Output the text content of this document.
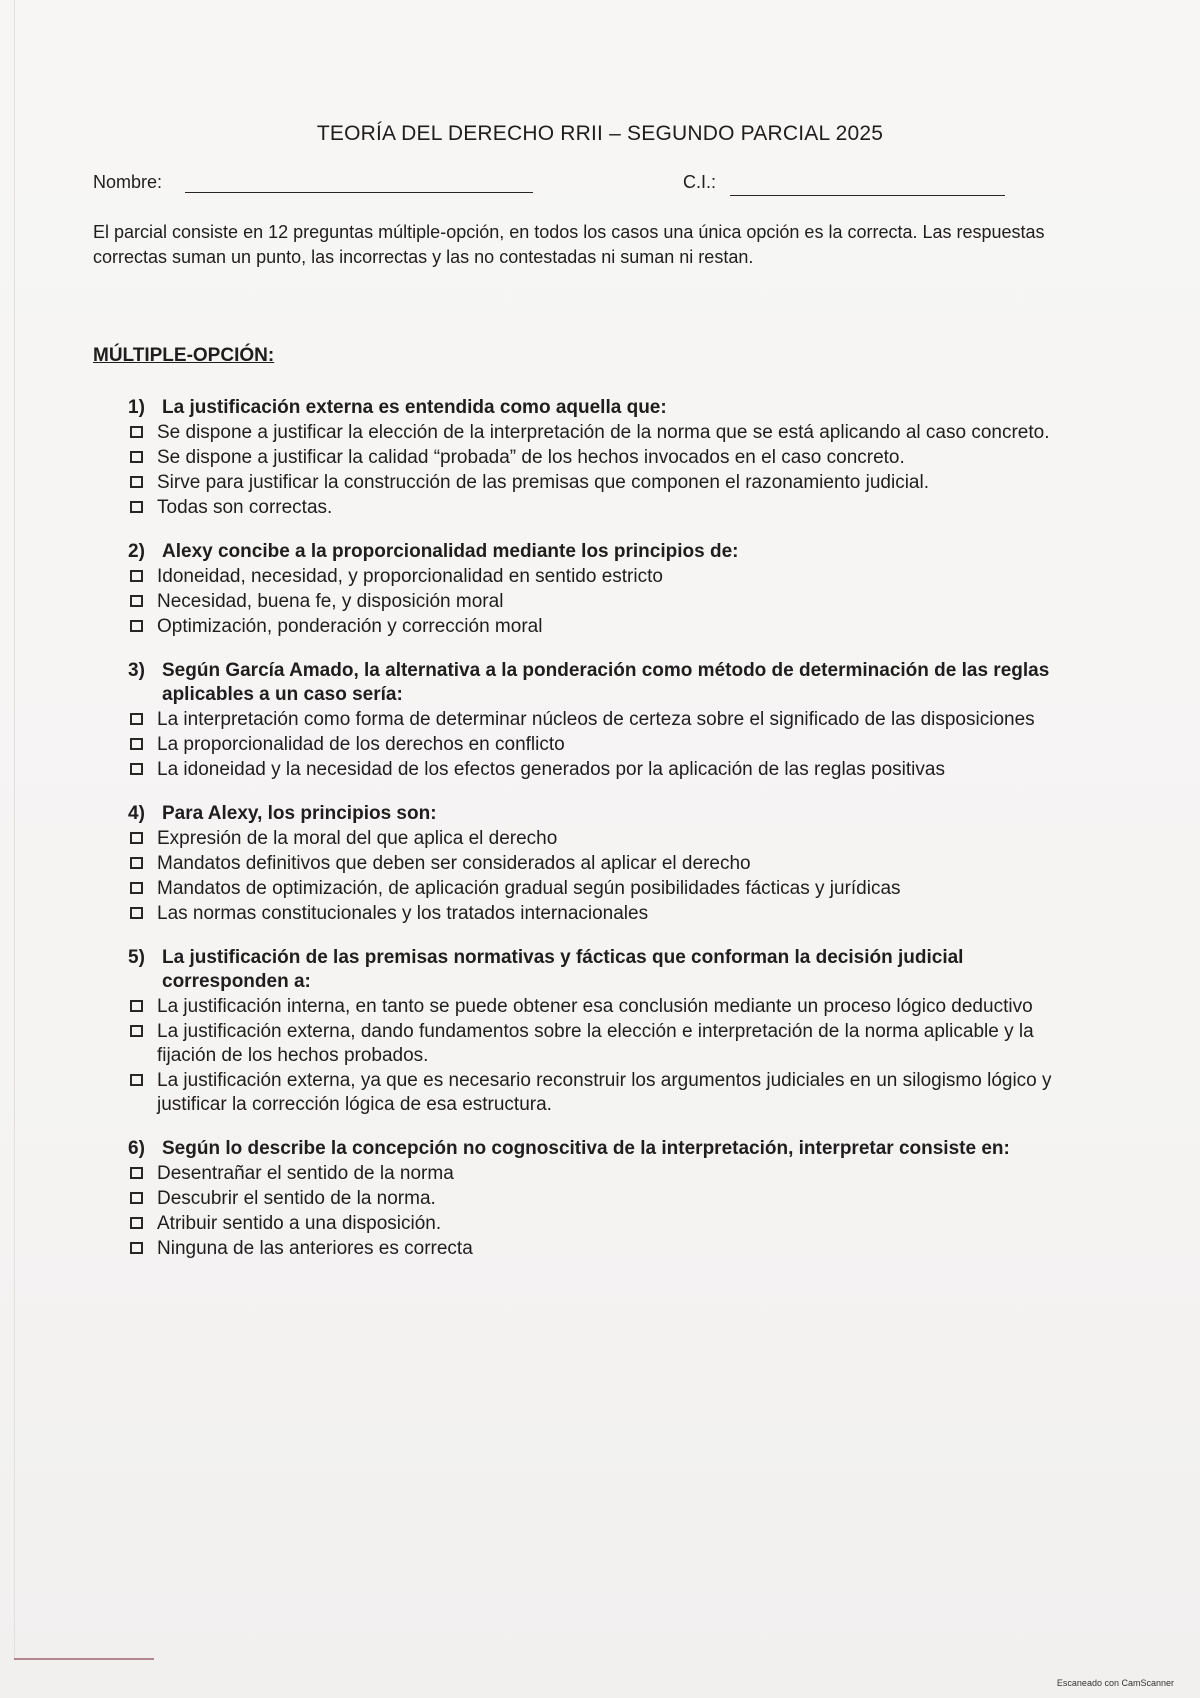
TEORÍA DEL DERECHO RRII – SEGUNDO PARCIAL 2025
Nombre:	C.I.:
El parcial consiste en 12 preguntas múltiple-opción, en todos los casos una única opción es la correcta. Las respuestas correctas suman un punto, las incorrectas y las no contestadas ni suman ni restan.
MÚLTIPLE-OPCIÓN:
1) La justificación externa es entendida como aquella que:
Se dispone a justificar la elección de la interpretación de la norma que se está aplicando al caso concreto.
Se dispone a justificar la calidad “probada” de los hechos invocados en el caso concreto.
Sirve para justificar la construcción de las premisas que componen el razonamiento judicial.
Todas son correctas.
2) Alexy concibe a la proporcionalidad mediante los principios de:
Idoneidad, necesidad, y proporcionalidad en sentido estricto
Necesidad, buena fe, y disposición moral
Optimización, ponderación y corrección moral
3) Según García Amado, la alternativa a la ponderación como método de determinación de las reglas aplicables a un caso sería:
La interpretación como forma de determinar núcleos de certeza sobre el significado de las disposiciones
La proporcionalidad de los derechos en conflicto
La idoneidad y la necesidad de los efectos generados por la aplicación de las reglas positivas
4) Para Alexy, los principios son:
Expresión de la moral del que aplica el derecho
Mandatos definitivos que deben ser considerados al aplicar el derecho
Mandatos de optimización, de aplicación gradual según posibilidades fácticas y jurídicas
Las normas constitucionales y los tratados internacionales
5) La justificación de las premisas normativas y fácticas que conforman la decisión judicial corresponden a:
La justificación interna, en tanto se puede obtener esa conclusión mediante un proceso lógico deductivo
La justificación externa, dando fundamentos sobre la elección e interpretación de la norma aplicable y la fijación de los hechos probados.
La justificación externa, ya que es necesario reconstruir los argumentos judiciales en un silogismo lógico y justificar la corrección lógica de esa estructura.
6) Según lo describe la concepción no cognoscitiva de la interpretación, interpretar consiste en:
Desentrañar el sentido de la norma
Descubrir el sentido de la norma.
Atribuir sentido a una disposición.
Ninguna de las anteriores es correcta
Escaneado con CamScanner
